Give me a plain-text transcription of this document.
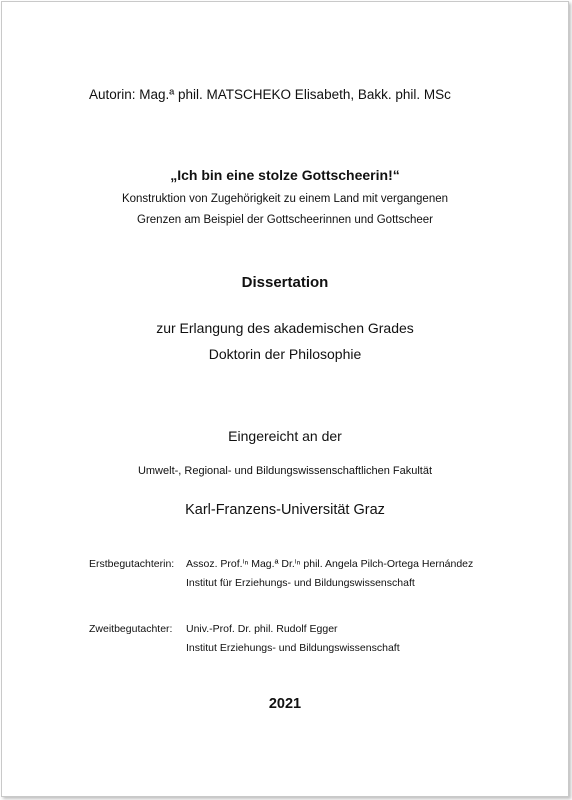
Autorin: Mag.ª phil. MATSCHEKO Elisabeth, Bakk. phil. MSc
„Ich bin eine stolze Gottscheerin!“
Konstruktion von Zugehörigkeit zu einem Land mit vergangenen
Grenzen am Beispiel der Gottscheerinnen und Gottscheer
Dissertation
zur Erlangung des akademischen Grades
Doktorin der Philosophie
Eingereicht an der
Umwelt-, Regional- und Bildungswissenschaftlichen Fakultät
Karl-Franzens-Universität Graz
Erstbegutachterin: Assoz. Prof.ⁱⁿ Mag.ª Dr.ⁱⁿ phil. Angela Pilch-Ortega Hernández
Institut für Erziehungs- und Bildungswissenschaft
Zweitbegutachter: Univ.-Prof. Dr. phil. Rudolf Egger
Institut Erziehungs- und Bildungswissenschaft
2021
